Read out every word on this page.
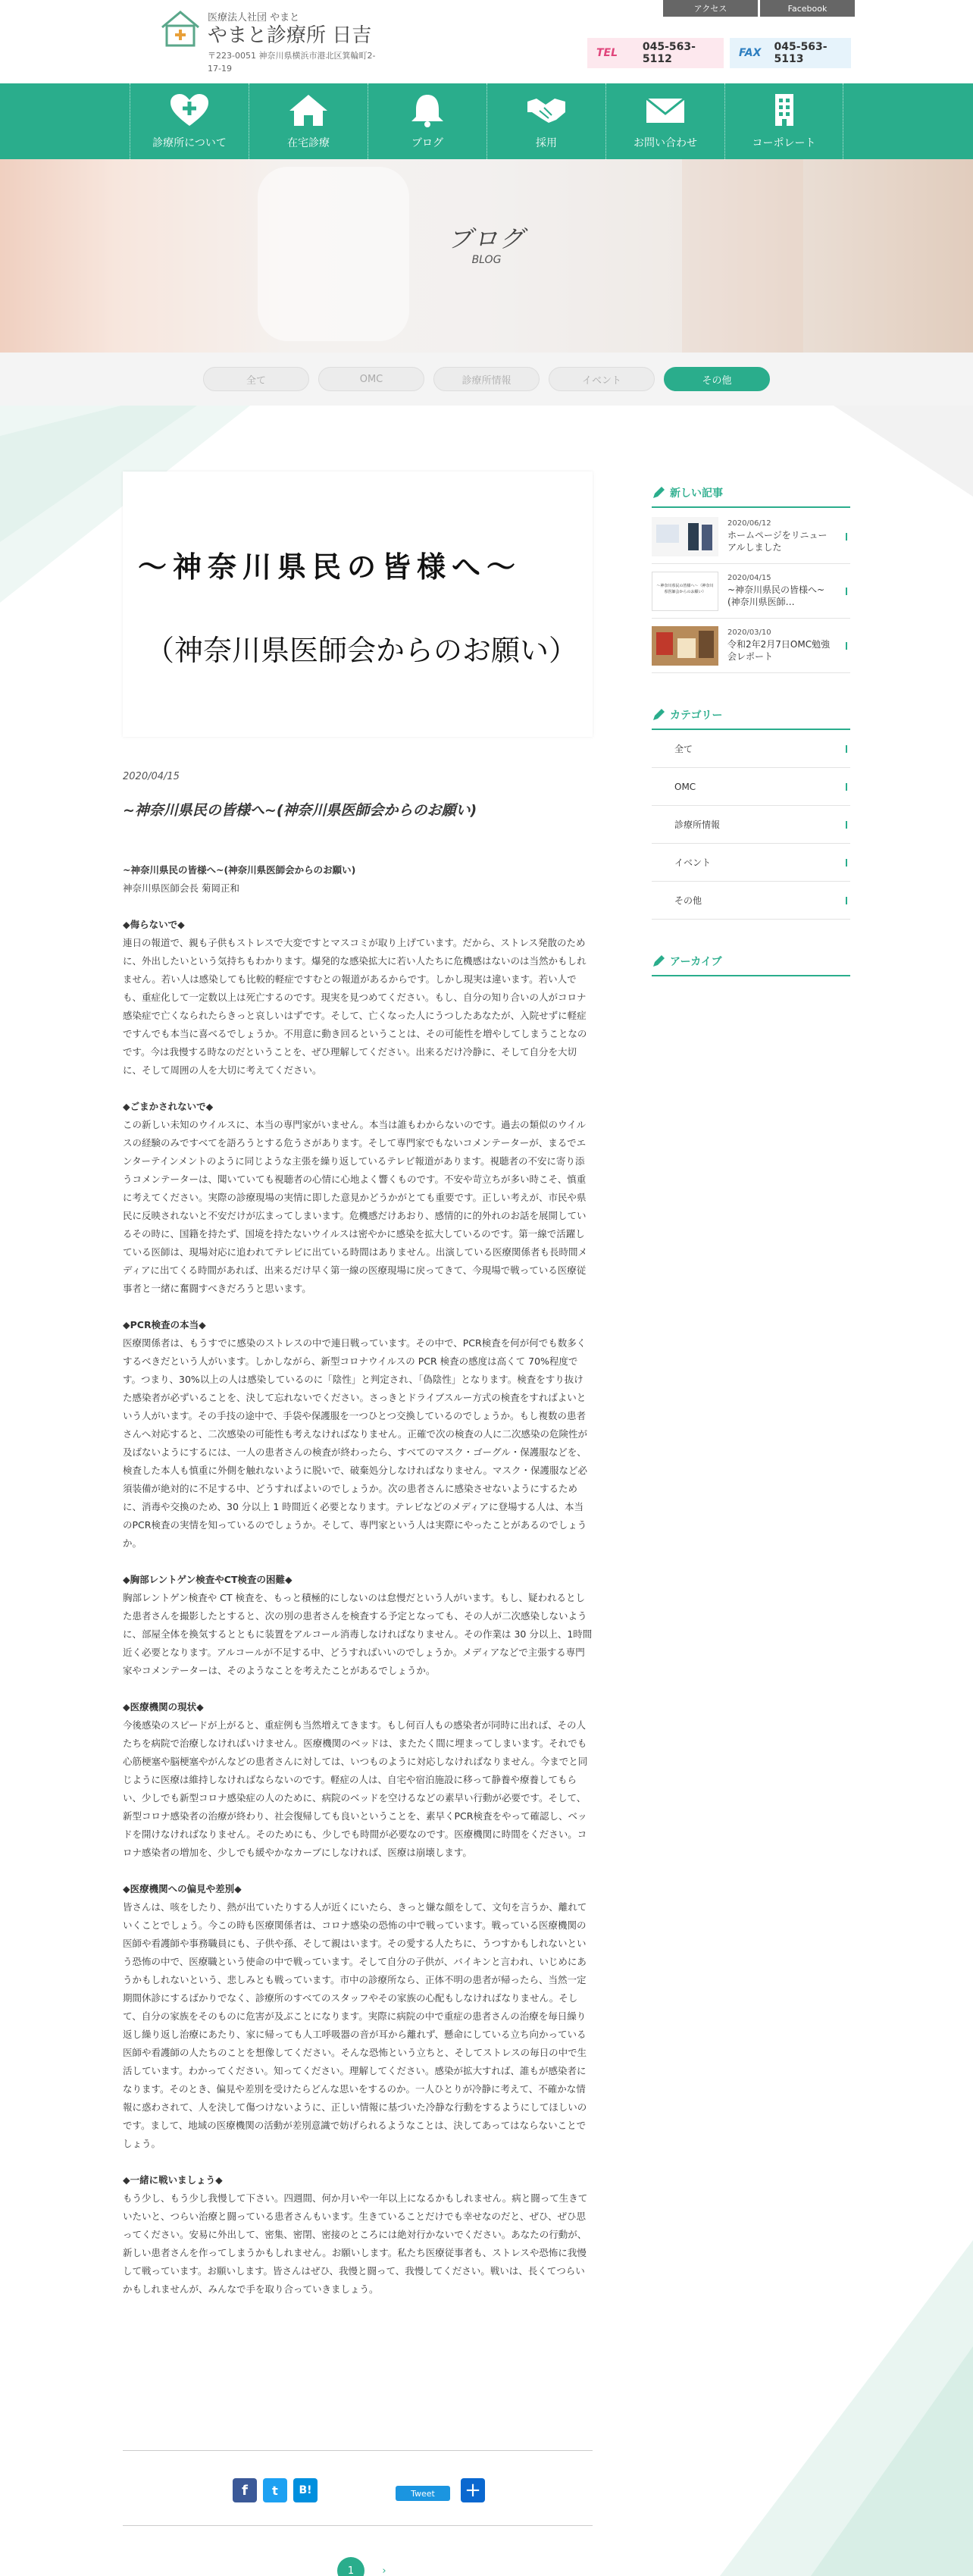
医療法人社団 やまと
やまと診療所 日吉
〒223-0051 神奈川県横浜市港北区箕輪町2-17-19
アクセス	Facebook
TEL	045-563-5112	FAX	045-563-5113
診療所について	在宅診療	ブログ	採用	お問い合わせ	コーポレート
ブログ
BLOG
全て	OMC	診療所情報	イベント	その他
～神奈川県民の皆様へ～
（神奈川県医師会からのお願い）
2020/04/15
~神奈川県民の皆様へ~(神奈川県医師会からのお願い)
~神奈川県民の皆様へ~(神奈川県医師会からのお願い)
神奈川県医師会長 菊岡正和
◆侮らないで◆
連日の報道で、親も子供もストレスで大変ですとマスコミが取り上げています。だから、ストレス発散のために、外出したいという気持ちもわかります。爆発的な感染拡大に若い人たちに危機感はないのは当然かもしれません。若い人は感染しても比較的軽症ですむとの報道があるからです。しかし現実は違います。若い人でも、重症化して一定数以上は死亡するのです。現実を見つめてください。もし、自分の知り合いの人がコロナ感染症で亡くなられたらきっと哀しいはずです。そして、亡くなった人にうつしたあなたが、入院せずに軽症ですんでも本当に喜べるでしょうか。不用意に動き回るということは、その可能性を増やしてしまうことなのです。今は我慢する時なのだということを、ぜひ理解してください。出来るだけ冷静に、そして自分を大切に、そして周囲の人を大切に考えてください。
◆ごまかされないで◆
この新しい未知のウイルスに、本当の専門家がいません。本当は誰もわからないのです。過去の類似のウイルスの経験のみですべてを語ろうとする危うさがあります。そして専門家でもないコメンテーターが、まるでエンターテインメントのように同じような主張を繰り返しているテレビ報道があります。視聴者の不安に寄り添うコメンテーターは、聞いていても視聴者の心情に心地よく響くものです。不安や苛立ちが多い時こそ、慎重に考えてください。実際の診療現場の実情に即した意見かどうかがとても重要です。正しい考えが、市民や県民に反映されないと不安だけが広まってしまいます。危機感だけあおり、感情的に的外れのお話を展開しているその時に、国籍を持たず、国境を持たないウイルスは密やかに感染を拡大しているのです。第一線で活躍している医師は、現場対応に追われてテレビに出ている時間はありません。出演している医療関係者も長時間メディアに出てくる時間があれば、出来るだけ早く第一線の医療現場に戻ってきて、今現場で戦っている医療従事者と一緒に奮闘すべきだろうと思います。
◆PCR検査の本当◆
医療関係者は、もうすでに感染のストレスの中で連日戦っています。その中で、PCR検査を何が何でも数多くするべきだという人がいます。しかしながら、新型コロナウイルスの PCR 検査の感度は高くて 70%程度です。つまり、30%以上の人は感染しているのに「陰性」と判定され、「偽陰性」となります。検査をすり抜けた感染者が必ずいることを、決して忘れないでください。さっきとドライブスルー方式の検査をすればよいという人がいます。その手技の途中で、手袋や保護服を一つひとつ交換しているのでしょうか。もし複数の患者さんへ対応すると、二次感染の可能性も考えなければなりません。正確で次の検査の人に二次感染の危険性が及ばないようにするには、一人の患者さんの検査が終わったら、すべてのマスク・ゴーグル・保護服などを、検査した本人も慎重に外側を触れないように脱いで、破棄処分しなければなりません。マスク・保護服など必須装備が絶対的に不足する中、どうすればよいのでしょうか。次の患者さんに感染させないようにするために、消毒や交換のため、30 分以上 1 時間近く必要となります。テレビなどのメディアに登場する人は、本当のPCR検査の実情を知っているのでしょうか。そして、専門家という人は実際にやったことがあるのでしょうか。
◆胸部レントゲン検査やCT検査の困難◆
胸部レントゲン検査や CT 検査を、もっと積極的にしないのは怠慢だという人がいます。もし、疑われるとした患者さんを撮影したとすると、次の別の患者さんを検査する予定となっても、その人が二次感染しないように、部屋全体を換気するとともに装置をアルコール消毒しなければなりません。その作業は 30 分以上、1時間近く必要となります。アルコールが不足する中、どうすればいいのでしょうか。メディアなどで主張する専門家やコメンテーターは、そのようなことを考えたことがあるでしょうか。
◆医療機関の現状◆
今後感染のスピードが上がると、重症例も当然増えてきます。もし何百人もの感染者が同時に出れば、その人たちを病院で治療しなければいけません。医療機関のベッドは、またたく間に埋まってしまいます。それでも心筋梗塞や脳梗塞やがんなどの患者さんに対しては、いつものように対応しなければなりません。今までと同じように医療は維持しなければならないのです。軽症の人は、自宅や宿泊施設に移って静養や療養してもらい、少しでも新型コロナ感染症の人のために、病院のベッドを空けるなどの素早い行動が必要です。そして、新型コロナ感染者の治療が終わり、社会復帰しても良いということを、素早くPCR検査をやって確認し、ベッドを開けなければなりません。そのためにも、少しでも時間が必要なのです。医療機関に時間をください。コロナ感染者の増加を、少しでも緩やかなカーブにしなければ、医療は崩壊します。
◆医療機関への偏見や差別◆
皆さんは、咳をしたり、熱が出ていたりする人が近くにいたら、きっと嫌な顔をして、文句を言うか、離れていくことでしょう。今この時も医療関係者は、コロナ感染の恐怖の中で戦っています。戦っている医療機関の医師や看護師や事務職員にも、子供や孫、そして親はいます。その愛する人たちに、うつすかもしれないという恐怖の中で、医療職という使命の中で戦っています。そして自分の子供が、バイキンと言われ、いじめにあうかもしれないという、悲しみとも戦っています。市中の診療所なら、正体不明の患者が帰ったら、当然一定期間休診にするばかりでなく、診療所のすべてのスタッフやその家族の心配もしなければなりません。そして、自分の家族をそのものに危害が及ぶことになります。実際に病院の中で重症の患者さんの治療を毎日繰り返し繰り返し治療にあたり、家に帰っても人工呼吸器の音が耳から離れず、懸命にしている立ち向かっている医師や看護師の人たちのことを想像してください。そんな恐怖という立ちと、そしてストレスの毎日の中で生活しています。わかってください。知ってください。理解してください。感染が拡大すれば、誰もが感染者になります。そのとき、偏見や差別を受けたらどんな思いをするのか。一人ひとりが冷静に考えて、不確かな情報に惑わされて、人を決して傷つけないように、正しい情報に基づいた冷静な行動をするようにしてほしいのです。まして、地域の医療機関の活動が差別意識で妨げられるようなことは、決してあってはならないことでしょう。
◆一緒に戦いましょう◆
もう少し、もう少し我慢して下さい。四週間、何か月いや一年以上になるかもしれません。病と闘って生きていたいと、つらい治療と闘っている患者さんもいます。生きていることだけでも幸せなのだと、ぜひ、ぜひ思ってください。安易に外出して、密集、密閉、密接のところには絶対行かないでください。あなたの行動が、新しい患者さんを作ってしまうかもしれません。お願いします。私たち医療従事者も、ストレスや恐怖に我慢して戦っています。お願いします。皆さんはぜひ、我慢と闘って、我慢してください。戦いは、長くてつらいかもしれませんが、みんなで手を取り合っていきましょう。
f	t	B!	Tweet	+
1	›
新しい記事
2020/06/12
ホームページをリニューアルしました
～神奈川県民の皆様へ～（神奈川県医師会からのお願い）
2020/04/15
~神奈川県民の皆様へ~(神奈川県医師…
2020/03/10
令和2年2月7日OMC勉強会レポート
カテゴリー
全て
OMC
診療所情報
イベント
その他
アーカイブ
